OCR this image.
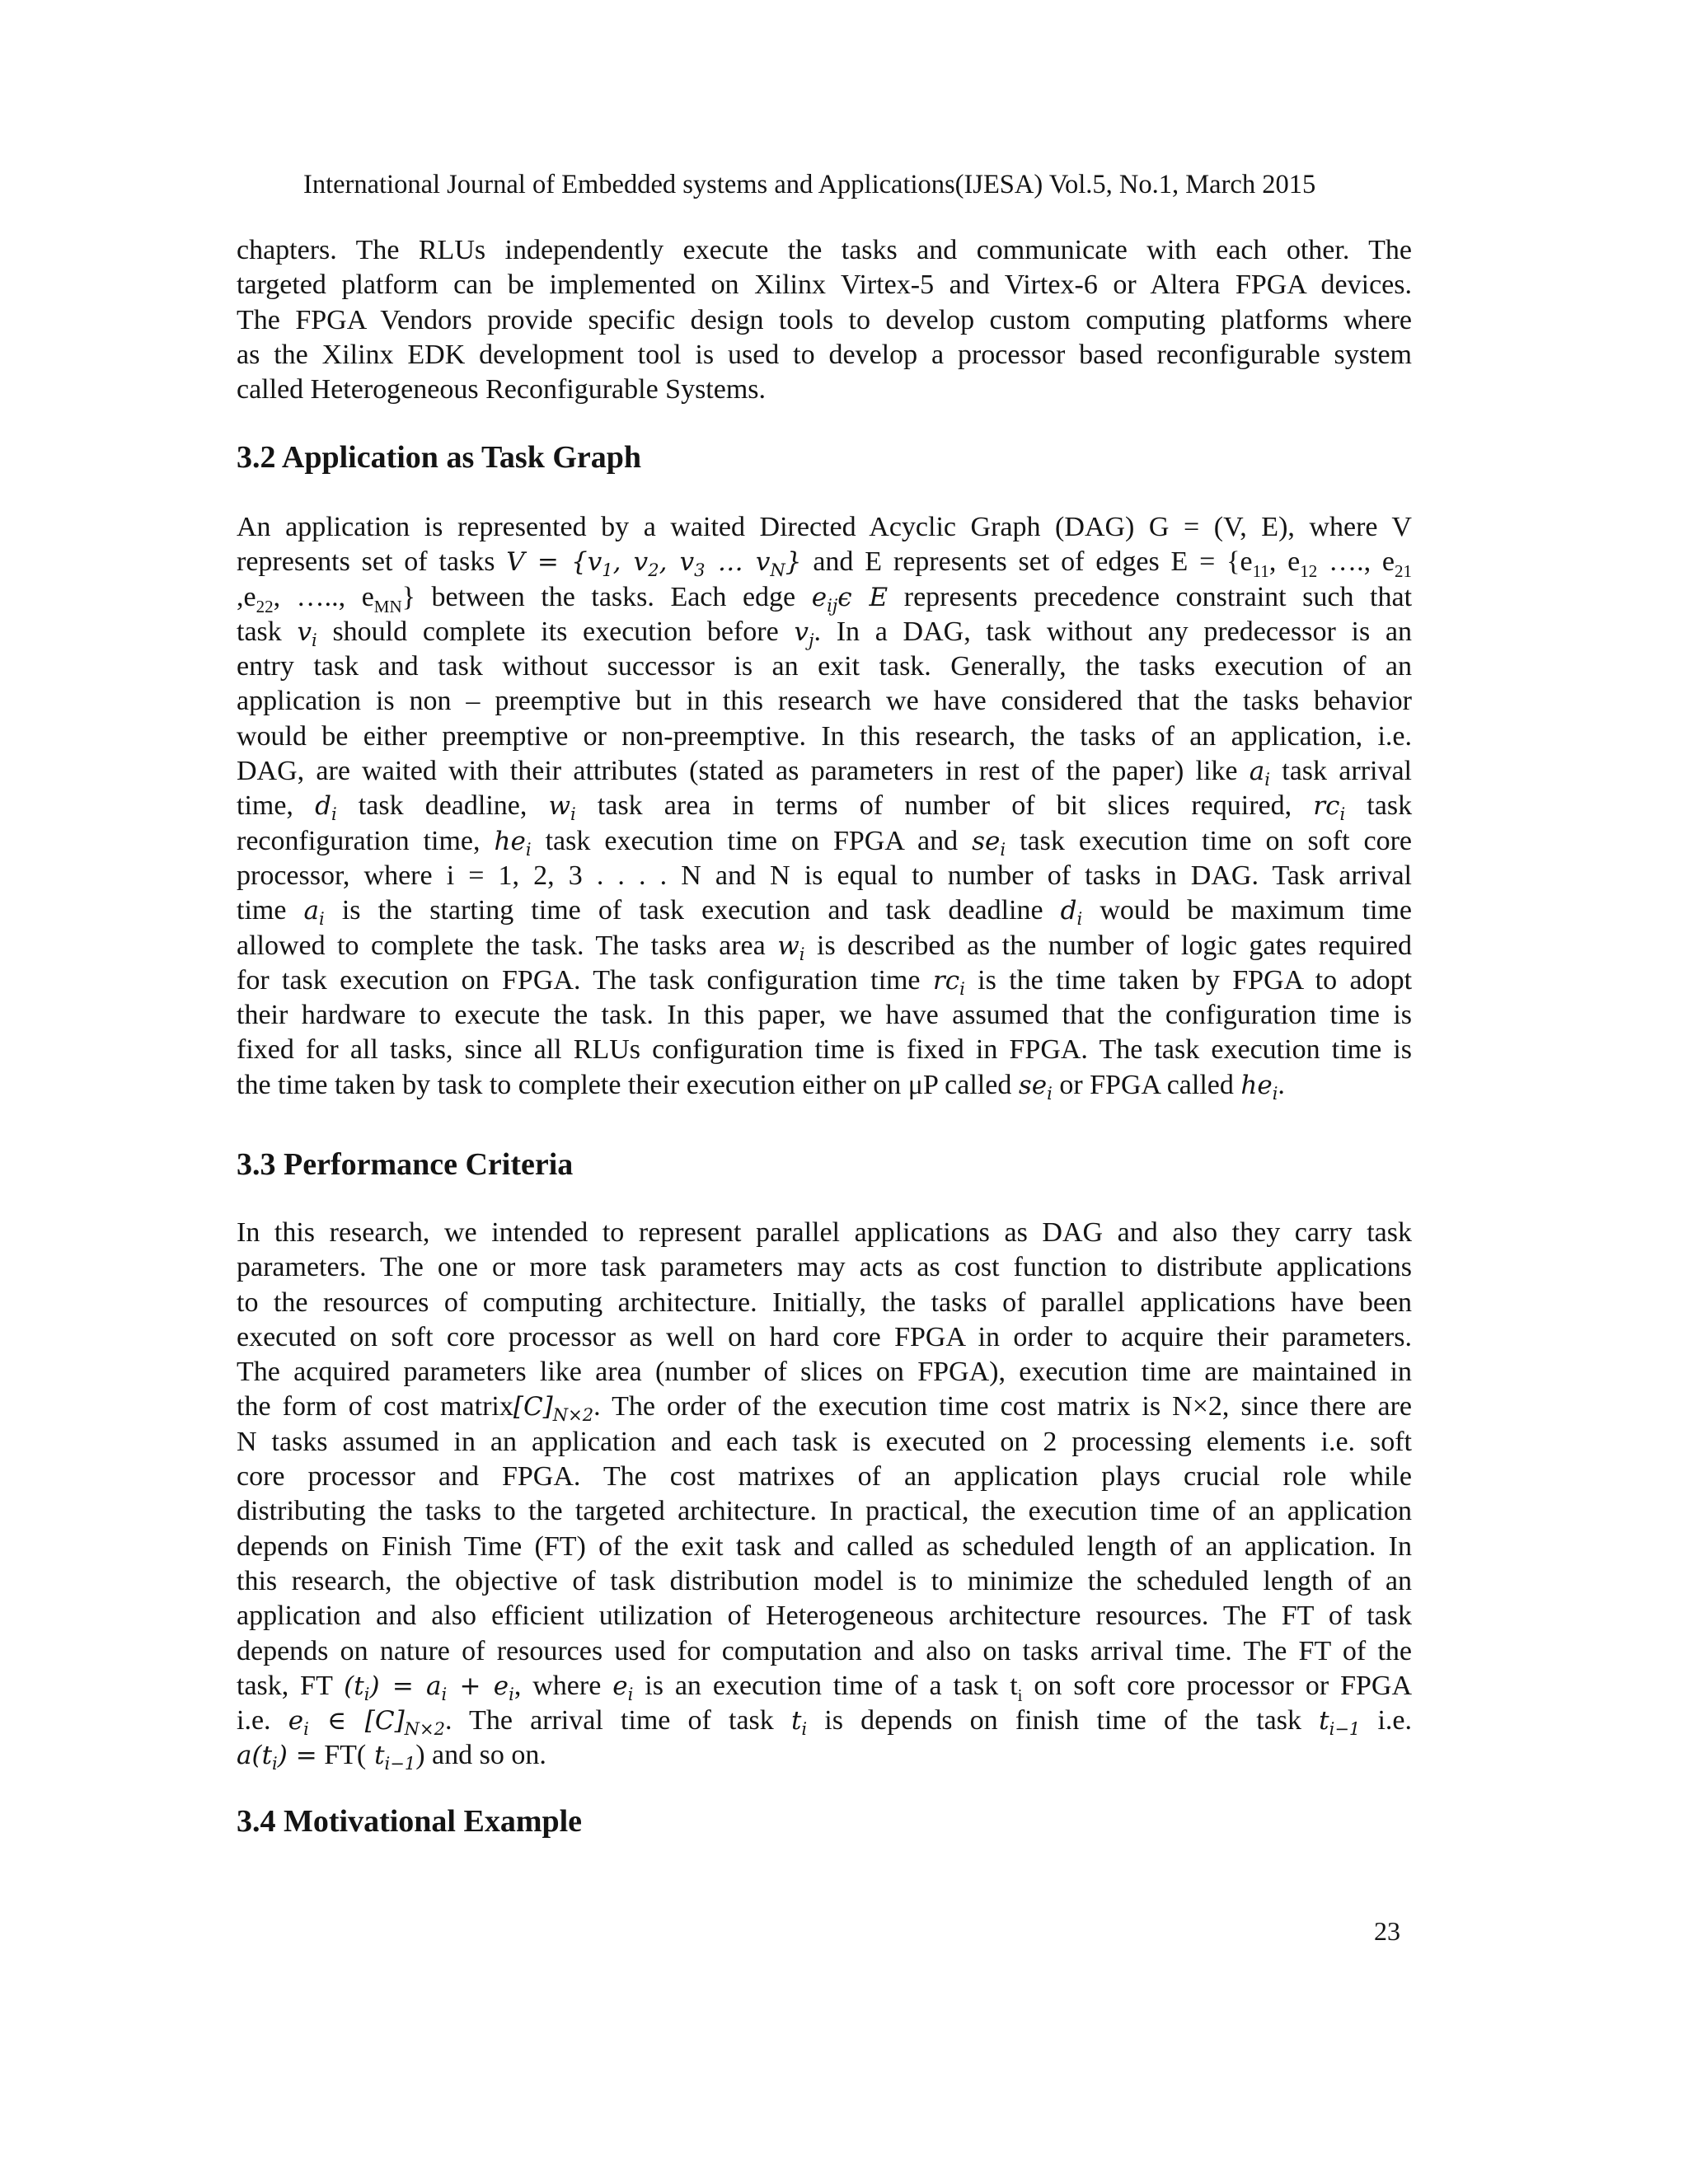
International Journal of Embedded systems and Applications(IJESA) Vol.5, No.1, March 2015
chapters. The RLUs independently execute the tasks and communicate with each other. The
targeted platform can be implemented on Xilinx Virtex-5 and Virtex-6 or Altera FPGA devices.
The FPGA Vendors provide specific design tools to develop custom computing platforms where
as the Xilinx EDK development tool is used to develop a processor based reconfigurable system
called Heterogeneous Reconfigurable Systems.
3.2 Application as Task Graph
An application is represented by a waited Directed Acyclic Graph (DAG) G = (V, E), where V
represents set of tasks $V = \{v_1$, $v_2$, $v_3$ … $v_N$} and E represents set of edges $E = \{e_{11}$, $e_{12}$ …., $e_{21}$
$,e_{22}$, ….., $e_{MN}$} between the tasks. Each edge $e_{ij}\epsilon$ E represents precedence constraint such that
task $v_i$ should complete its execution before $v_j$. In a DAG, task without any predecessor is an
entry task and task without successor is an exit task. Generally, the tasks execution of an
application is non – preemptive but in this research we have considered that the tasks behavior
would be either preemptive or non-preemptive. In this research, the tasks of an application, i.e.
DAG, are waited with their attributes (stated as parameters in rest of the paper) like $a_i$ task arrival
time, $d_i$ task deadline, $w_i$ task area in terms of number of bit slices required, $rc_i$ task
reconfiguration time, $he_i$ task execution time on FPGA and $se_i$ task execution time on soft core
processor, where i = 1, 2, 3 . . . . N and N is equal to number of tasks in DAG. Task arrival
time $a_i$ is the starting time of task execution and task deadline $d_i$ would be maximum time
allowed to complete the task. The tasks area $w_i$ is described as the number of logic gates required
for task execution on FPGA. The task configuration time $rc_i$ is the time taken by FPGA to adopt
their hardware to execute the task. In this paper, we have assumed that the configuration time is
fixed for all tasks, since all RLUs configuration time is fixed in FPGA. The task execution time is
the time taken by task to complete their execution either on μP called $se_i$ or FPGA called $he_i$.
3.3 Performance Criteria
In this research, we intended to represent parallel applications as DAG and also they carry task
parameters. The one or more task parameters may acts as cost function to distribute applications
to the resources of computing architecture. Initially, the tasks of parallel applications have been
executed on soft core processor as well on hard core FPGA in order to acquire their parameters.
The acquired parameters like area (number of slices on FPGA), execution time are maintained in
the form of cost $matrix[C]_{N\times 2}$. The order of the execution time cost matrix is N×2, since there are
N tasks assumed in an application and each task is executed on 2 processing elements i.e. soft
core processor and FPGA. The cost matrixes of an application plays crucial role while
distributing the tasks to the targeted architecture. In practical, the execution time of an application
depends on Finish Time (FT) of the exit task and called as scheduled length of an application. In
this research, the objective of task distribution model is to minimize the scheduled length of an
application and also efficient utilization of Heterogeneous architecture resources. The FT of task
depends on nature of resources used for computation and also on tasks arrival time. The FT of the
task, FT $(t_i) = a_i + e_i$, where $e_i$ is an execution time of a task $t_i$ on soft core processor or FPGA
i.e. $e_i$ ∈ $[C]_{N\times 2}$. The arrival time of task $t_i$ is depends on finish time of the task $t_{i-1}$ i.e.
$a(t_i) = FT$( $t_{i-1}$) and so on.
3.4 Motivational Example
23
